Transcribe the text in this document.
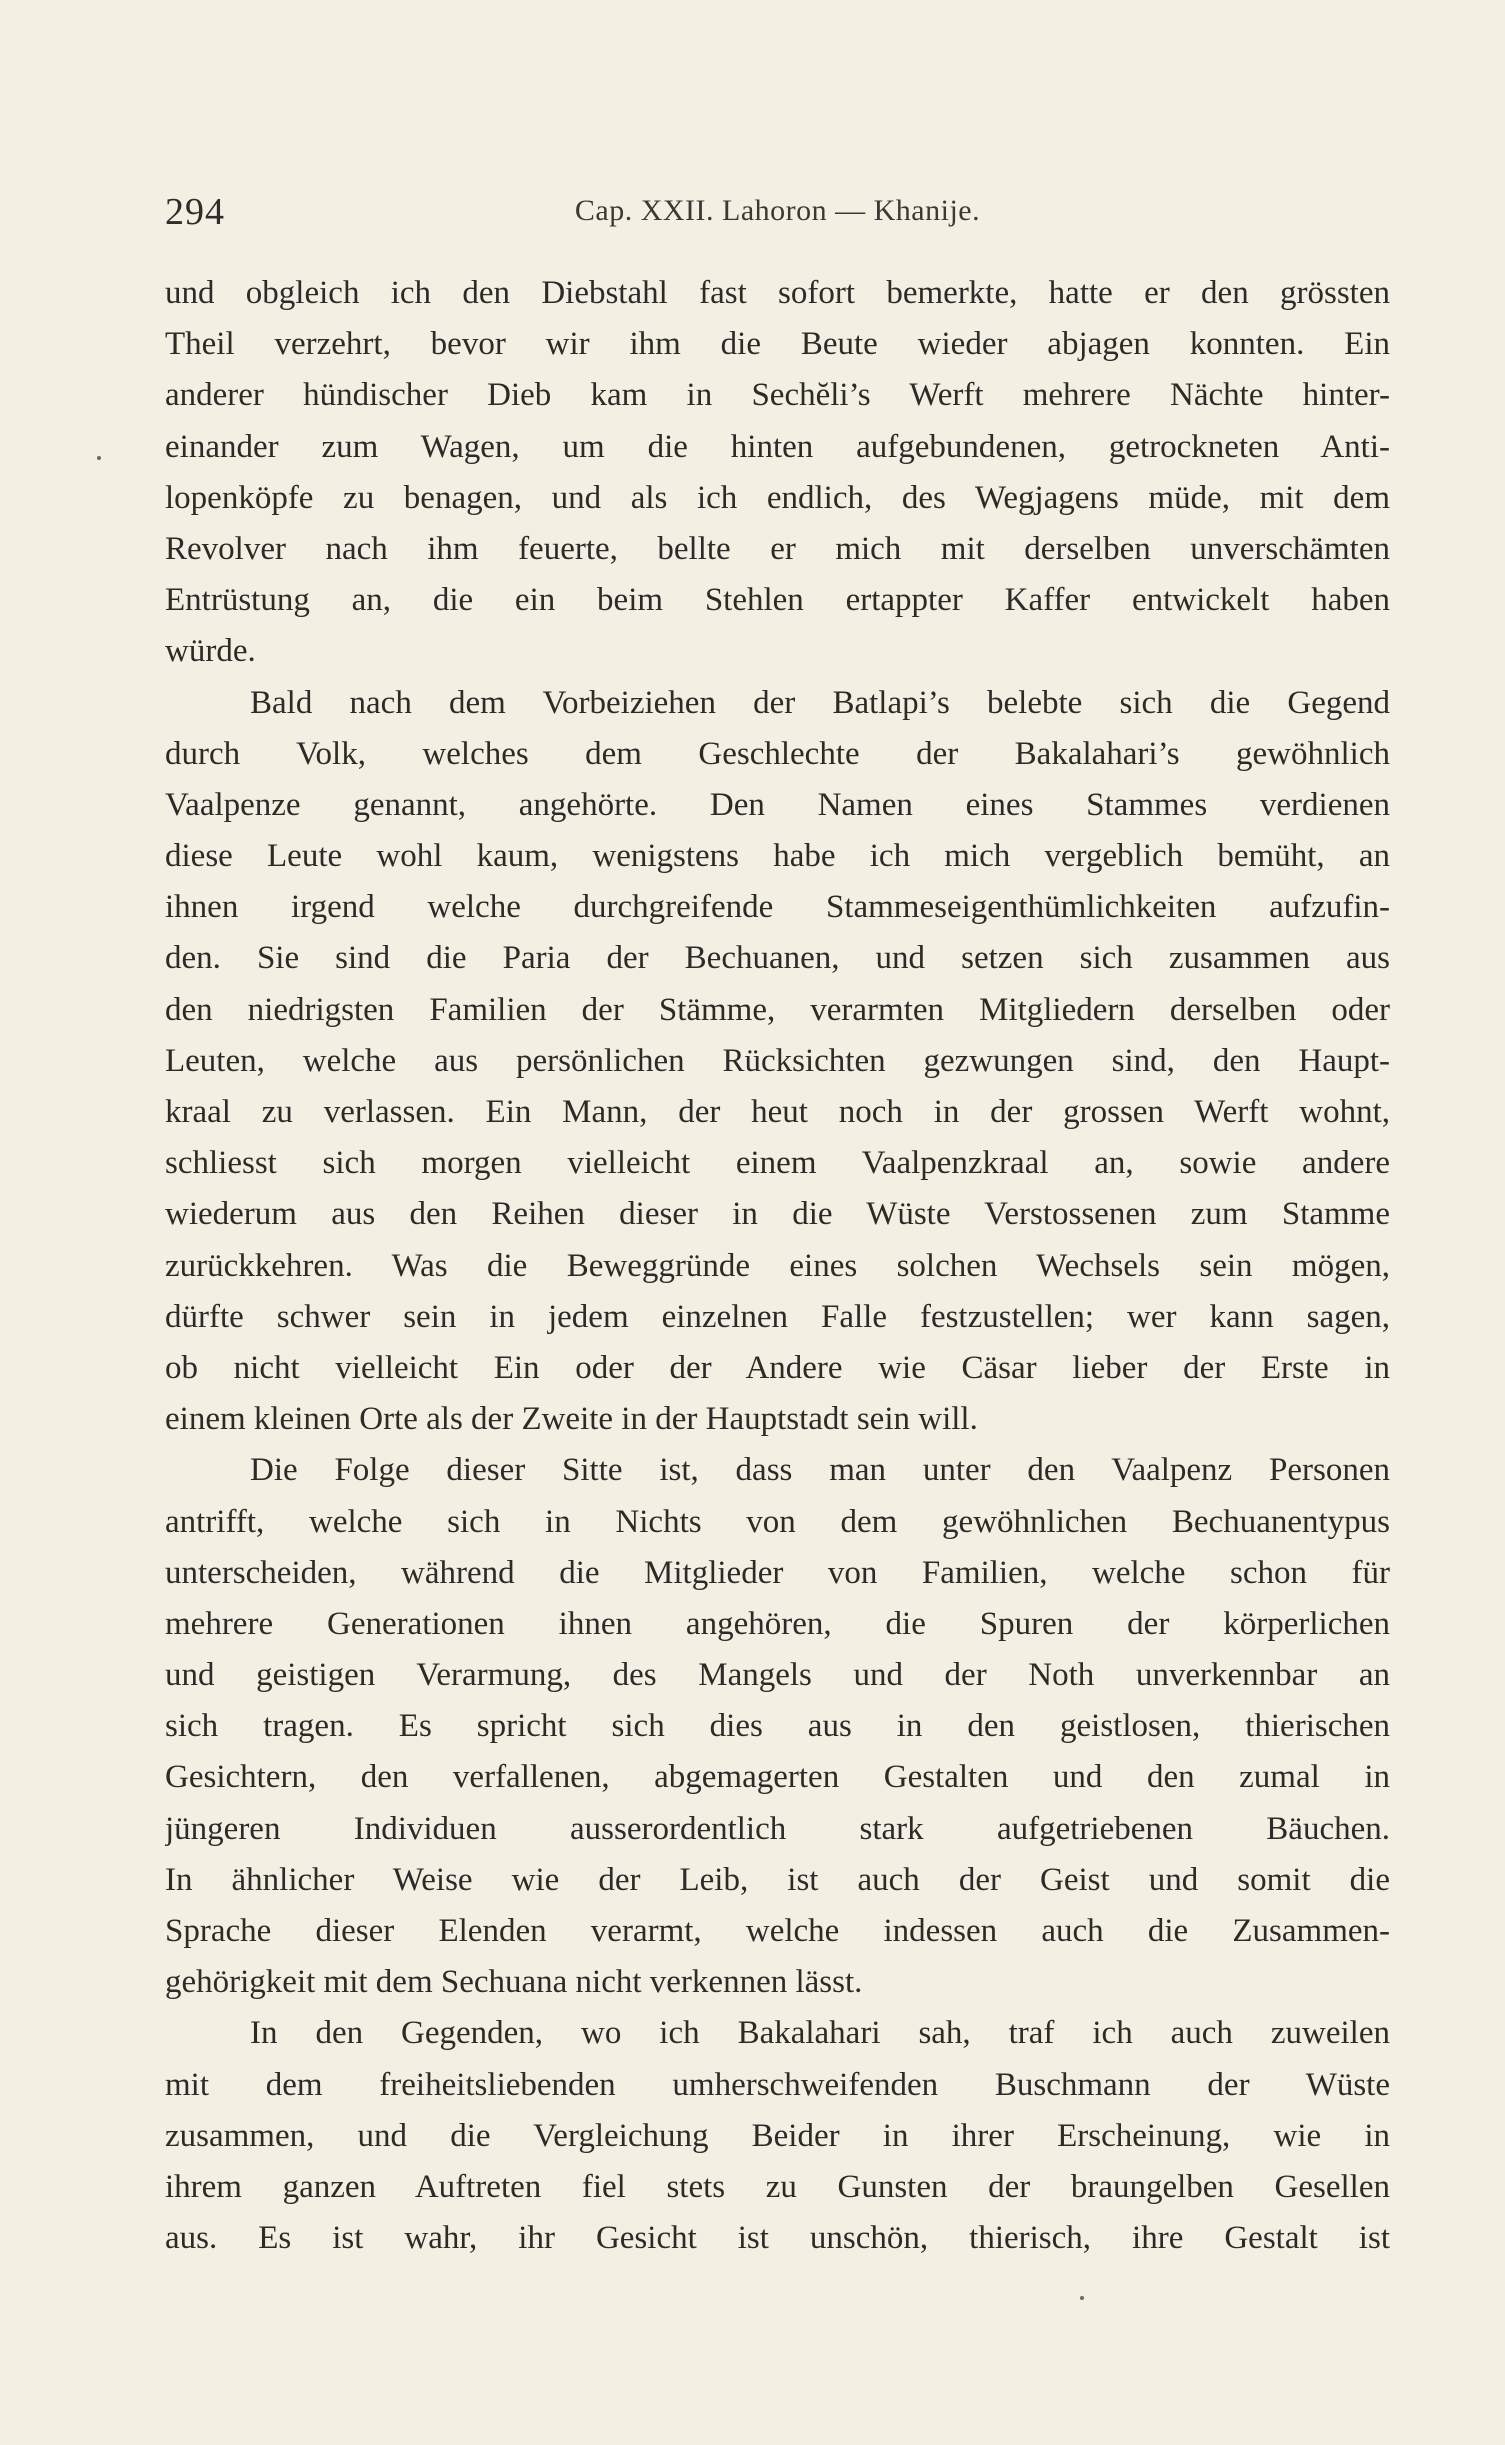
294	Cap. XXII. Lahoron — Khanije.
und obgleich ich den Diebstahl fast sofort bemerkte, hatte er den grössten
Theil verzehrt, bevor wir ihm die Beute wieder abjagen konnten. Ein
anderer hündischer Dieb kam in Sechĕli’s Werft mehrere Nächte hinter-
einander zum Wagen, um die hinten aufgebundenen, getrockneten Anti-
lopenköpfe zu benagen, und als ich endlich, des Wegjagens müde, mit dem
Revolver nach ihm feuerte, bellte er mich mit derselben unverschämten
Entrüstung an, die ein beim Stehlen ertappter Kaffer entwickelt haben
würde.
Bald nach dem Vorbeiziehen der Batlapi’s belebte sich die Gegend
durch Volk, welches dem Geschlechte der Bakalahari’s gewöhnlich
Vaalpenze genannt, angehörte. Den Namen eines Stammes verdienen
diese Leute wohl kaum, wenigstens habe ich mich vergeblich bemüht, an
ihnen irgend welche durchgreifende Stammeseigenthümlichkeiten aufzufin-
den. Sie sind die Paria der Bechuanen, und setzen sich zusammen aus
den niedrigsten Familien der Stämme, verarmten Mitgliedern derselben oder
Leuten, welche aus persönlichen Rücksichten gezwungen sind, den Haupt-
kraal zu verlassen. Ein Mann, der heut noch in der grossen Werft wohnt,
schliesst sich morgen vielleicht einem Vaalpenzkraal an, sowie andere
wiederum aus den Reihen dieser in die Wüste Verstossenen zum Stamme
zurückkehren. Was die Beweggründe eines solchen Wechsels sein mögen,
dürfte schwer sein in jedem einzelnen Falle festzustellen; wer kann sagen,
ob nicht vielleicht Ein oder der Andere wie Cäsar lieber der Erste in
einem kleinen Orte als der Zweite in der Hauptstadt sein will.
Die Folge dieser Sitte ist, dass man unter den Vaalpenz Personen
antrifft, welche sich in Nichts von dem gewöhnlichen Bechuanentypus
unterscheiden, während die Mitglieder von Familien, welche schon für
mehrere Generationen ihnen angehören, die Spuren der körperlichen
und geistigen Verarmung, des Mangels und der Noth unverkennbar an
sich tragen. Es spricht sich dies aus in den geistlosen, thierischen
Gesichtern, den verfallenen, abgemagerten Gestalten und den zumal in
jüngeren Individuen ausserordentlich stark aufgetriebenen Bäuchen.
In ähnlicher Weise wie der Leib, ist auch der Geist und somit die
Sprache dieser Elenden verarmt, welche indessen auch die Zusammen-
gehörigkeit mit dem Sechuana nicht verkennen lässt.
In den Gegenden, wo ich Bakalahari sah, traf ich auch zuweilen
mit dem freiheitsliebenden umherschweifenden Buschmann der Wüste
zusammen, und die Vergleichung Beider in ihrer Erscheinung, wie in
ihrem ganzen Auftreten fiel stets zu Gunsten der braungelben Gesellen
aus. Es ist wahr, ihr Gesicht ist unschön, thierisch, ihre Gestalt ist
